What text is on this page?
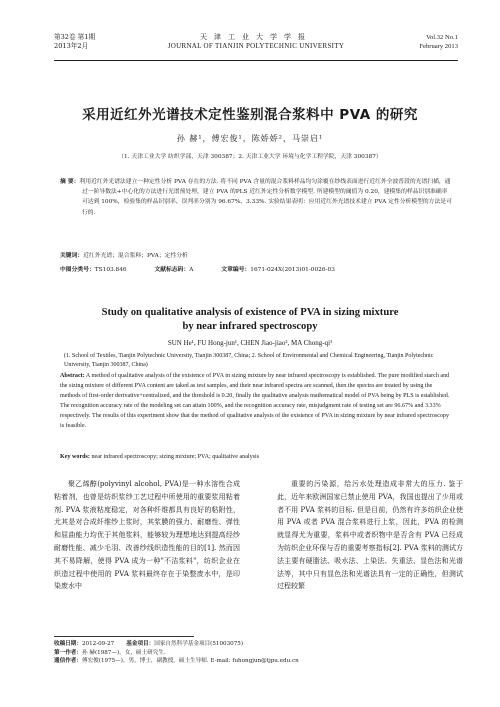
第32卷 第1期
2013年2月
天津工业大学学报
JOURNAL OF TIANJIN POLYTECHNIC UNIVERSITY
Vol.32 No.1
February 2013
采用近红外光谱技术定性鉴别混合浆料中 PVA 的研究
孙 赫¹，傅宏俊¹，陈娇娇²，马崇启¹
（1. 天津工业大学 纺织学部，天津 300387；2. 天津工业大学 环境与化学工程学院，天津 300387）
摘 要：利用近红外光谱法建立一种定性分析 PVA 存在的方法. 将不同 PVA 含量的混合浆料样品均匀涂覆在纱线表面进行近红外全波普段的光谱扫描，通过一阶导数法+中心化的方法进行光谱预处理，建立 PVA 的PLS 近红外定性分析数学模型. 所建模型的阈值为 0.20，建模集的样品识别准确率可达到 100%，检验集的样品识别率、误判率分别为 96.67%、3.33%. 实验结果表明：应用近红外光谱技术建立 PVA 定性分析模型的方法是可行的.
关键词：近红外光谱；混合浆料；PVA；定性分析
中图分类号：TS103.846	文献标志码：A	文章编号：1671-024X(2013)01-0026-03
Study on qualitative analysis of existence of PVA in sizing mixture
by near infrared spectroscopy
SUN He¹, FU Hong-jun¹, CHEN Jiao-jiao², MA Chong-qi¹
(1. School of Textiles, Tianjin Polytechnic University, Tianjin 300387, China; 2. School of Environmental and Chemical Engineering, Tianjin Polytechnic University, Tianjin 300387, China)
Abstract: A method of qualitative analysis of the existence of PVA in sizing mixture by near infrared spectroscopy is established. The pure modified starch and the sizing mixture of different PVA content are taked as test samples, and their near infrared spectra are scanned, then the spectra are treated by using the methods of first-order derivative+centralized, and the threshold is 0.20, finally the qualitative analysis mathematical model of PVA being by PLS is established. The recognition accuracy rate of the modeling set can attain 100%, and the recognition accuracy rate, misjudgment rate of testing set are 96.67% and 3.33% respectively. The results of this experiment show that the method of qualitative analysis of the existence of PVA in sizing mixture by near infrared spectroscopy is feasible.
Key words: near infrared spectroscopy; sizing mixture; PVA; qualitative analysis
聚乙烯醇(polyvinyl alcohol, PVA)是一种水溶性合成粘着剂，也曾是纺织浆纱工艺过程中所使用的重要浆用粘着剂. PVA 浆液粘度稳定，对各种纤维都具有良好的粘附性，尤其是对合成纤维纱上浆时，其浆膜的强力、耐磨性、弹性和屈曲能力均优于其他浆料，能够较为理想地达到提高经纱耐磨性能、减少毛羽、改善纱线织造性能的目的[1]. 然而因其不易降解，使得 PVA 成为一种"不洁浆料"，纺织企业在织造过程中使用的 PVA 浆料最终存在于染整废水中，是印染废水中
重要的污染源，给污水处理造成非常大的压力. 鉴于此，近年来欧洲国家已禁止使用 PVA，我国也提出了少用或者不用 PVA 浆料的目标. 但是目前，仍然有许多纺织企业使用 PVA 或者 PVA 混合浆料进行上浆，因此，PVA 的检测就显得尤为重要，浆料中或者织物中是否含有 PVA 已经成为纺织企业环保与否的重要考察指标[2]. PVA 浆料的测试方法主要有硬脂法、吸水法、上染法、失重法、显色法和光谱法等，其中只有显色法和光谱法具有一定的正确性，但测试过程较繁
收稿日期：2012-09-27 基金项目：国家自然科学基金项目(51003075)
第一作者：孙 赫(1987—)，女，硕士研究生.
通信作者：傅宏俊(1975—)，男，博士，副教授，硕士生导师. E-mail: fuhongjun@tjpu.edu.cn
